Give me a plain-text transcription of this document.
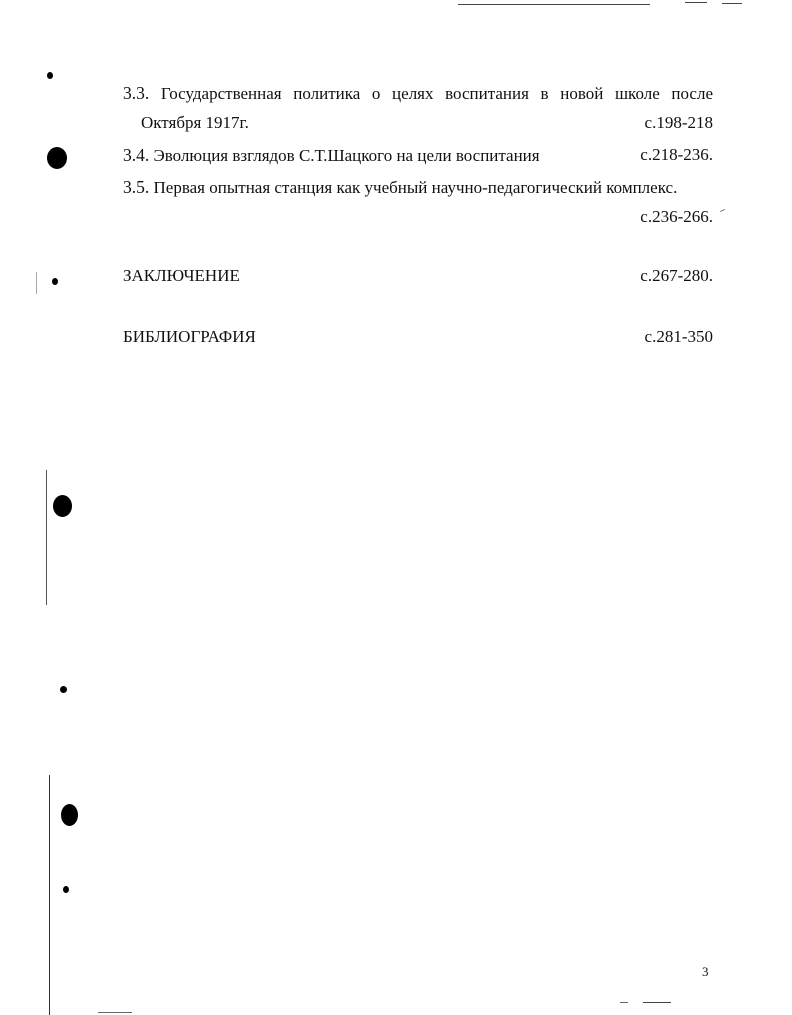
3.3. Государственная политика о целях воспитания в новой школе после
Октября 1917г.	с.198-218
3.4. Эволюция взглядов С.Т.Шацкого на цели воспитания	с.218-236.
3.5. Первая опытная станция как учебный научно-педагогический комплекс.
с.236-266.
ЗАКЛЮЧЕНИЕ	с.267-280.
БИБЛИОГРАФИЯ	с.281-350
3
